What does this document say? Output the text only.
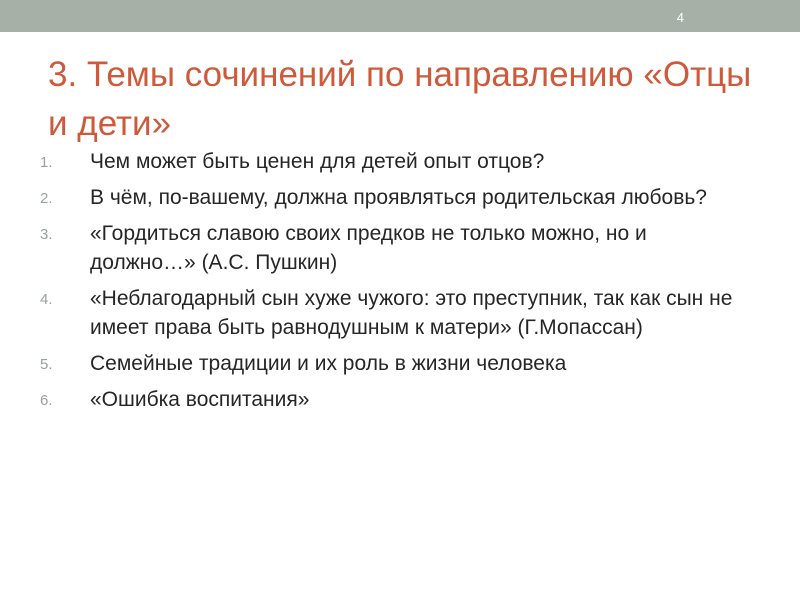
4
3. Темы сочинений по направлению «Отцы и дети»
1.	Чем может быть ценен для детей опыт отцов?
2.	В чём, по-вашему, должна проявляться родительская любовь?
3.	«Гордиться славою своих предков не только можно, но и должно…» (А.С. Пушкин)
4.	«Неблагодарный сын хуже чужого: это преступник, так как сын не имеет права быть равнодушным к матери» (Г.Мопассан)
5.	Семейные традиции и их роль в жизни человека
6.	«Ошибка воспитания»
